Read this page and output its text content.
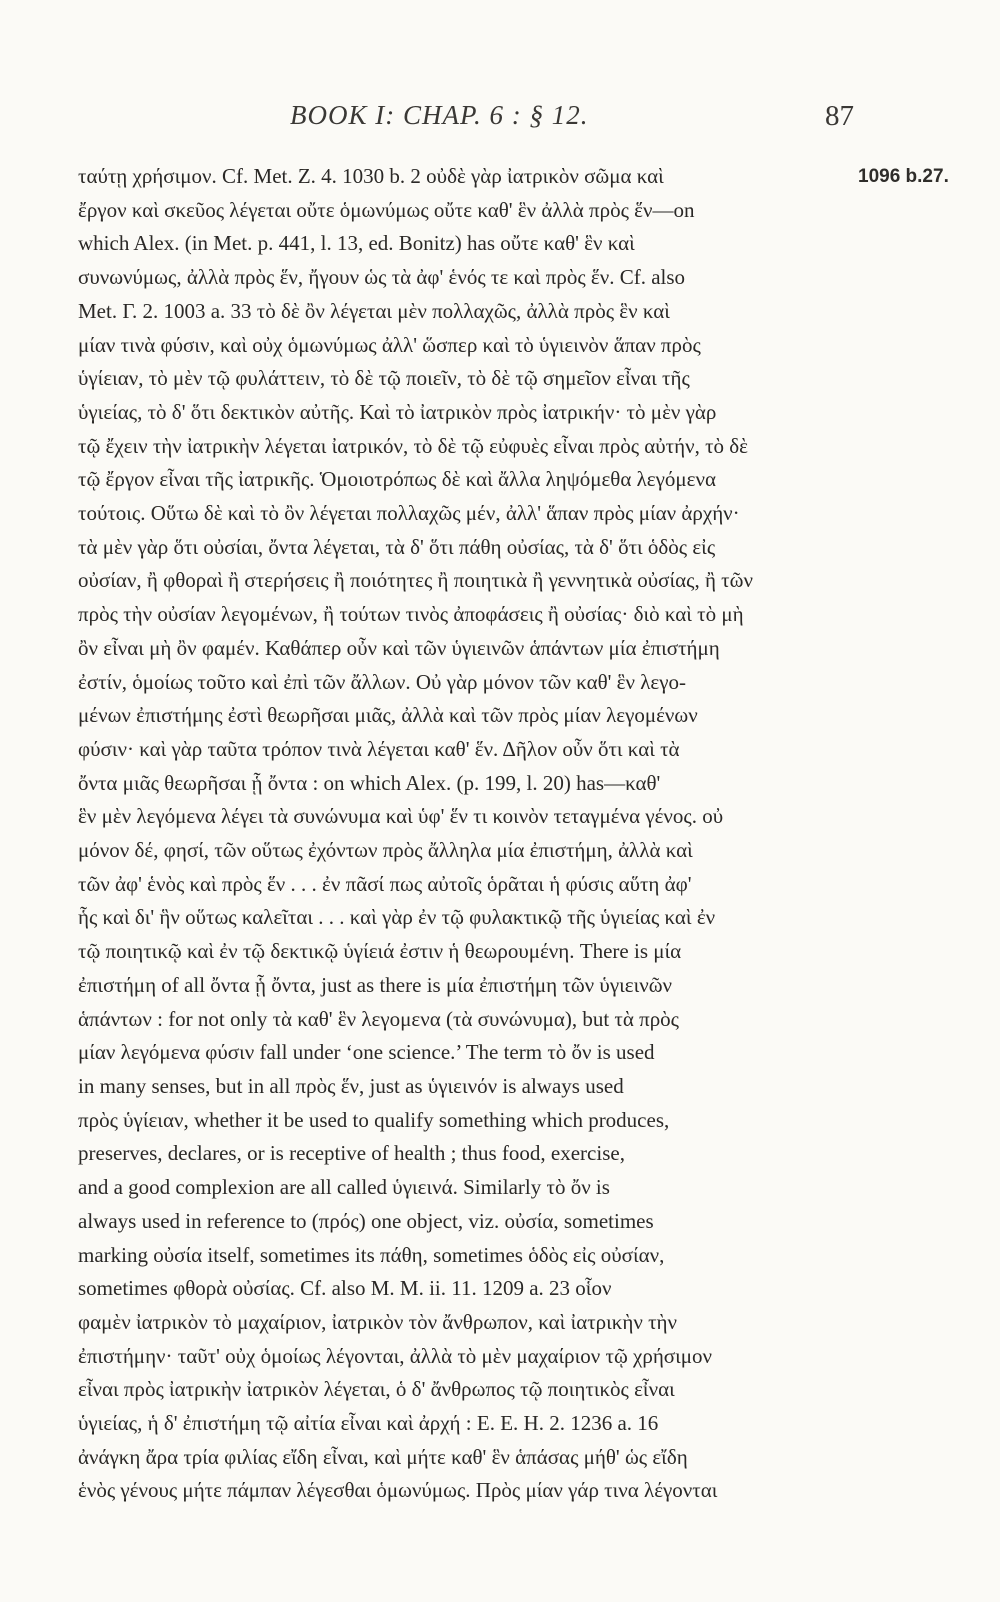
BOOK I: CHAP. 6 : § 12.	87
1096 b.27.
ταύτῃ χρήσιμον. Cf. Met. Z. 4. 1030 b. 2 οὐδὲ γὰρ ἰατρικὸν σῶμα καὶ
ἔργον καὶ σκεῦος λέγεται οὔτε ὁμωνύμως οὔτε καθ' ἓν ἀλλὰ πρὸς ἕν—on
which Alex. (in Met. p. 441, l. 13, ed. Bonitz) has οὔτε καθ' ἓν καὶ
συνωνύμως, ἀλλὰ πρὸς ἕν, ἤγουν ὡς τὰ ἀφ' ἑνός τε καὶ πρὸς ἕν. Cf. also
Met. Γ. 2. 1003 a. 33 τὸ δὲ ὂν λέγεται μὲν πολλαχῶς, ἀλλὰ πρὸς ἓν καὶ
μίαν τινὰ φύσιν, καὶ οὐχ ὁμωνύμως ἀλλ' ὥσπερ καὶ τὸ ὑγιεινὸν ἅπαν πρὸς
ὑγίειαν, τὸ μὲν τῷ φυλάττειν, τὸ δὲ τῷ ποιεῖν, τὸ δὲ τῷ σημεῖον εἶναι τῆς
ὑγιείας, τὸ δ' ὅτι δεκτικὸν αὐτῆς. Καὶ τὸ ἰατρικὸν πρὸς ἰατρικήν· τὸ μὲν γὰρ
τῷ ἔχειν τὴν ἰατρικὴν λέγεται ἰατρικόν, τὸ δὲ τῷ εὐφυὲς εἶναι πρὸς αὐτήν, τὸ δὲ
τῷ ἔργον εἶναι τῆς ἰατρικῆς. Ὁμοιοτρόπως δὲ καὶ ἄλλα ληψόμεθα λεγόμενα
τούτοις. Οὕτω δὲ καὶ τὸ ὂν λέγεται πολλαχῶς μέν, ἀλλ' ἅπαν πρὸς μίαν ἀρχήν·
τὰ μὲν γὰρ ὅτι οὐσίαι, ὄντα λέγεται, τὰ δ' ὅτι πάθη οὐσίας, τὰ δ' ὅτι ὁδὸς εἰς
οὐσίαν, ἢ φθοραὶ ἢ στερήσεις ἢ ποιότητες ἢ ποιητικὰ ἢ γεννητικὰ οὐσίας, ἢ τῶν
πρὸς τὴν οὐσίαν λεγομένων, ἢ τούτων τινὸς ἀποφάσεις ἢ οὐσίας· διὸ καὶ τὸ μὴ
ὂν εἶναι μὴ ὂν φαμέν. Καθάπερ οὖν καὶ τῶν ὑγιεινῶν ἁπάντων μία ἐπιστήμη
ἐστίν, ὁμοίως τοῦτο καὶ ἐπὶ τῶν ἄλλων. Οὐ γὰρ μόνον τῶν καθ' ἓν λεγο-
μένων ἐπιστήμης ἐστὶ θεωρῆσαι μιᾶς, ἀλλὰ καὶ τῶν πρὸς μίαν λεγομένων
φύσιν· καὶ γὰρ ταῦτα τρόπον τινὰ λέγεται καθ' ἕν. Δῆλον οὖν ὅτι καὶ τὰ
ὄντα μιᾶς θεωρῆσαι ᾗ ὄντα : on which Alex. (p. 199, l. 20) has—καθ'
ἓν μὲν λεγόμενα λέγει τὰ συνώνυμα καὶ ὑφ' ἕν τι κοινὸν τεταγμένα γένος. οὐ
μόνον δέ, φησί, τῶν οὕτως ἐχόντων πρὸς ἄλληλα μία ἐπιστήμη, ἀλλὰ καὶ
τῶν ἀφ' ἑνὸς καὶ πρὸς ἕν . . . ἐν πᾶσί πως αὐτοῖς ὁρᾶται ἡ φύσις αὕτη ἀφ'
ἧς καὶ δι' ἣν οὕτως καλεῖται . . . καὶ γὰρ ἐν τῷ φυλακτικῷ τῆς ὑγιείας καὶ ἐν
τῷ ποιητικῷ καὶ ἐν τῷ δεκτικῷ ὑγίειά ἐστιν ἡ θεωρουμένη. There is μία
ἐπιστήμη of all ὄντα ᾗ ὄντα, just as there is μία ἐπιστήμη τῶν ὑγιεινῶν
ἁπάντων : for not only τὰ καθ' ἓν λεγομενα (τὰ συνώνυμα), but τὰ πρὸς
μίαν λεγόμενα φύσιν fall under ‘one science.’ The term τὸ ὄν is used
in many senses, but in all πρὸς ἕν, just as ὑγιεινόν is always used
πρὸς ὑγίειαν, whether it be used to qualify something which produces,
preserves, declares, or is receptive of health ; thus food, exercise,
and a good complexion are all called ὑγιεινά. Similarly τὸ ὄν is
always used in reference to (πρός) one object, viz. οὐσία, sometimes
marking οὐσία itself, sometimes its πάθη, sometimes ὁδὸς εἰς οὐσίαν,
sometimes φθορὰ οὐσίας. Cf. also M. M. ii. 11. 1209 a. 23 οἷον
φαμὲν ἰατρικὸν τὸ μαχαίριον, ἰατρικὸν τὸν ἄνθρωπον, καὶ ἰατρικὴν τὴν
ἐπιστήμην· ταῦτ' οὐχ ὁμοίως λέγονται, ἀλλὰ τὸ μὲν μαχαίριον τῷ χρήσιμον
εἶναι πρὸς ἰατρικὴν ἰατρικὸν λέγεται, ὁ δ' ἄνθρωπος τῷ ποιητικὸς εἶναι
ὑγιείας, ἡ δ' ἐπιστήμη τῷ αἰτία εἶναι καὶ ἀρχή : E. E. H. 2. 1236 a. 16
ἀνάγκη ἄρα τρία φιλίας εἴδη εἶναι, καὶ μήτε καθ' ἓν ἁπάσας μήθ' ὡς εἴδη
ἑνὸς γένους μήτε πάμπαν λέγεσθαι ὁμωνύμως. Πρὸς μίαν γάρ τινα λέγονται
